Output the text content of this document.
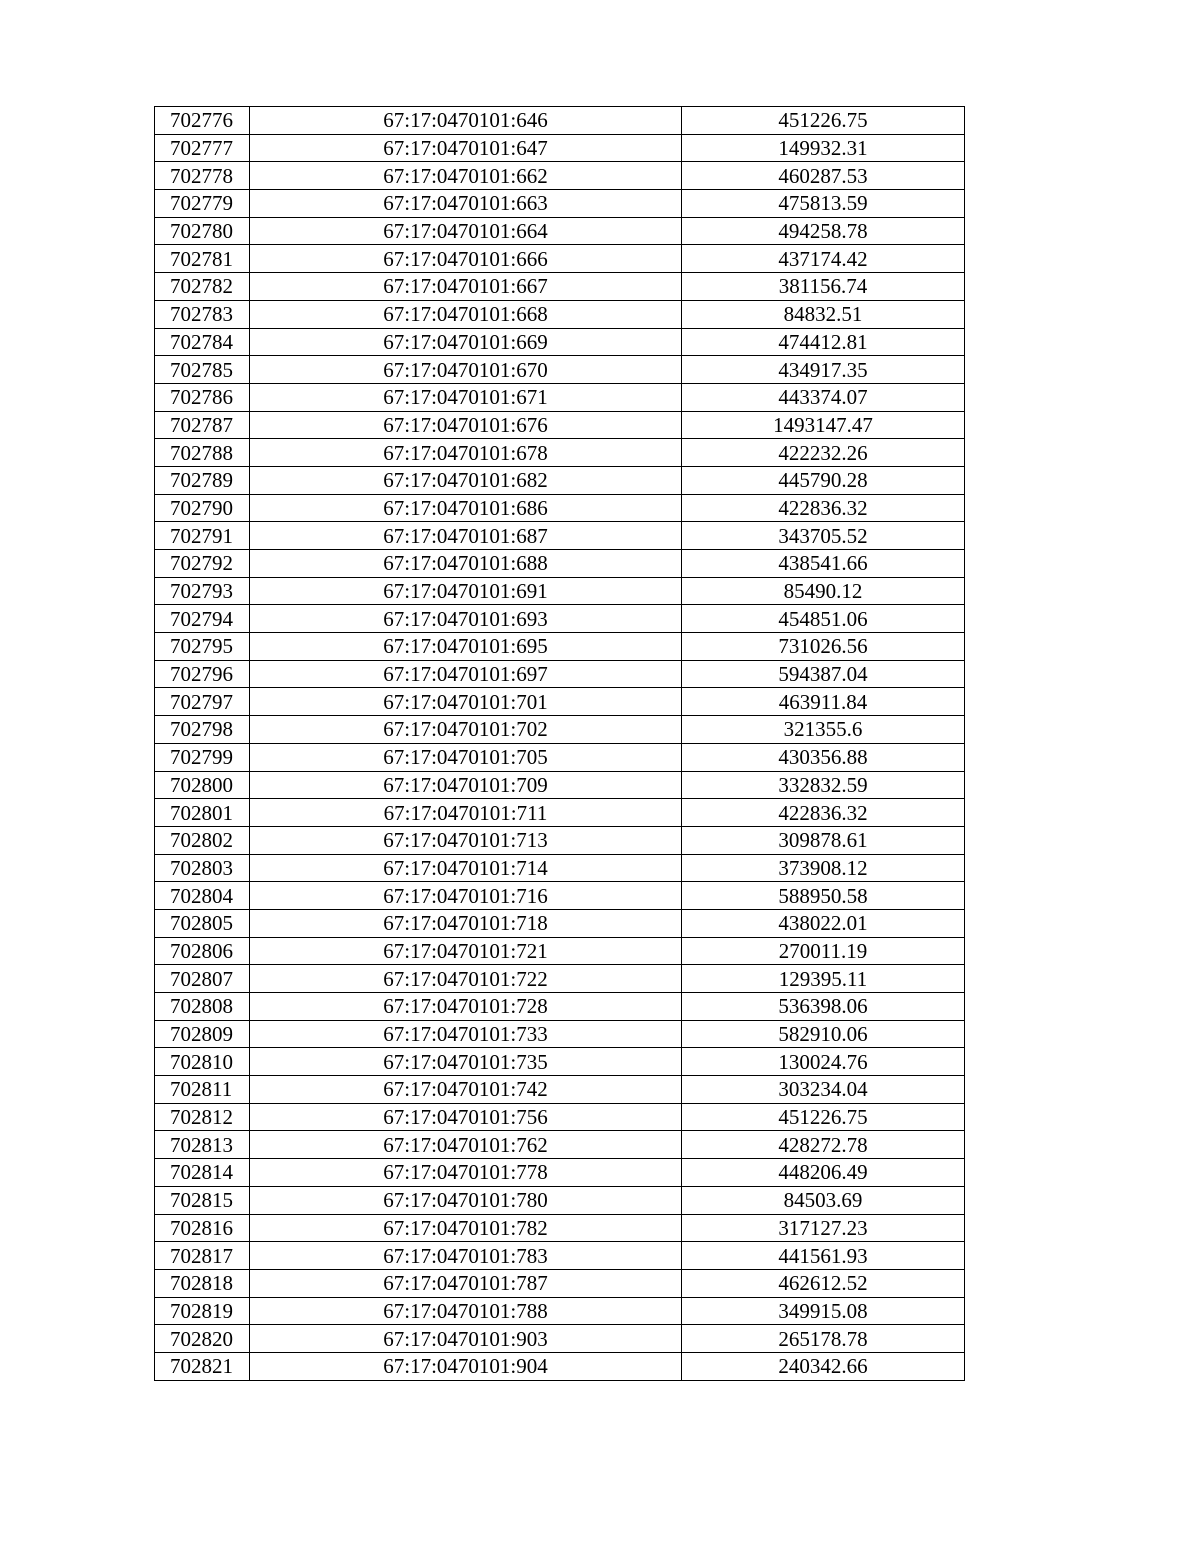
702776	67:17:0470101:646	451226.75
702777	67:17:0470101:647	149932.31
702778	67:17:0470101:662	460287.53
702779	67:17:0470101:663	475813.59
702780	67:17:0470101:664	494258.78
702781	67:17:0470101:666	437174.42
702782	67:17:0470101:667	381156.74
702783	67:17:0470101:668	84832.51
702784	67:17:0470101:669	474412.81
702785	67:17:0470101:670	434917.35
702786	67:17:0470101:671	443374.07
702787	67:17:0470101:676	1493147.47
702788	67:17:0470101:678	422232.26
702789	67:17:0470101:682	445790.28
702790	67:17:0470101:686	422836.32
702791	67:17:0470101:687	343705.52
702792	67:17:0470101:688	438541.66
702793	67:17:0470101:691	85490.12
702794	67:17:0470101:693	454851.06
702795	67:17:0470101:695	731026.56
702796	67:17:0470101:697	594387.04
702797	67:17:0470101:701	463911.84
702798	67:17:0470101:702	321355.6
702799	67:17:0470101:705	430356.88
702800	67:17:0470101:709	332832.59
702801	67:17:0470101:711	422836.32
702802	67:17:0470101:713	309878.61
702803	67:17:0470101:714	373908.12
702804	67:17:0470101:716	588950.58
702805	67:17:0470101:718	438022.01
702806	67:17:0470101:721	270011.19
702807	67:17:0470101:722	129395.11
702808	67:17:0470101:728	536398.06
702809	67:17:0470101:733	582910.06
702810	67:17:0470101:735	130024.76
702811	67:17:0470101:742	303234.04
702812	67:17:0470101:756	451226.75
702813	67:17:0470101:762	428272.78
702814	67:17:0470101:778	448206.49
702815	67:17:0470101:780	84503.69
702816	67:17:0470101:782	317127.23
702817	67:17:0470101:783	441561.93
702818	67:17:0470101:787	462612.52
702819	67:17:0470101:788	349915.08
702820	67:17:0470101:903	265178.78
702821	67:17:0470101:904	240342.66
